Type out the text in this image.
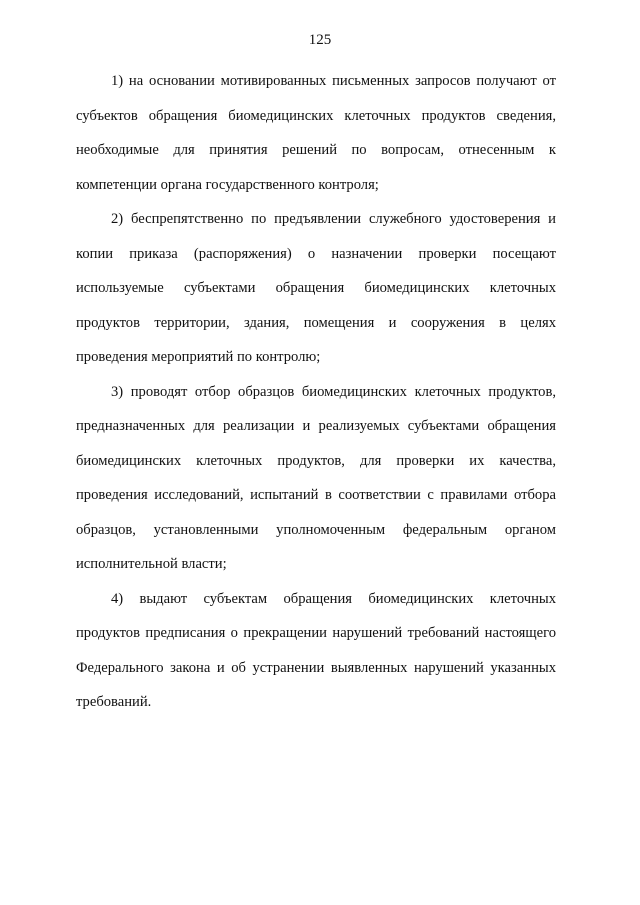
125

1) на основании мотивированных письменных запросов получают от субъектов обращения биомедицинских клеточных продуктов сведения, необходимые для принятия решений по вопросам, отнесенным к компетенции органа государственного контроля;

2) беспрепятственно по предъявлении служебного удостоверения и копии приказа (распоряжения) о назначении проверки посещают используемые субъектами обращения биомедицинских клеточных продуктов территории, здания, помещения и сооружения в целях проведения мероприятий по контролю;

3) проводят отбор образцов биомедицинских клеточных продуктов, предназначенных для реализации и реализуемых субъектами обращения биомедицинских клеточных продуктов, для проверки их качества, проведения исследований, испытаний в соответствии с правилами отбора образцов, установленными уполномоченным федеральным органом исполнительной власти;

4) выдают субъектам обращения биомедицинских клеточных продуктов предписания о прекращении нарушений требований настоящего Федерального закона и об устранении выявленных нарушений указанных требований.
